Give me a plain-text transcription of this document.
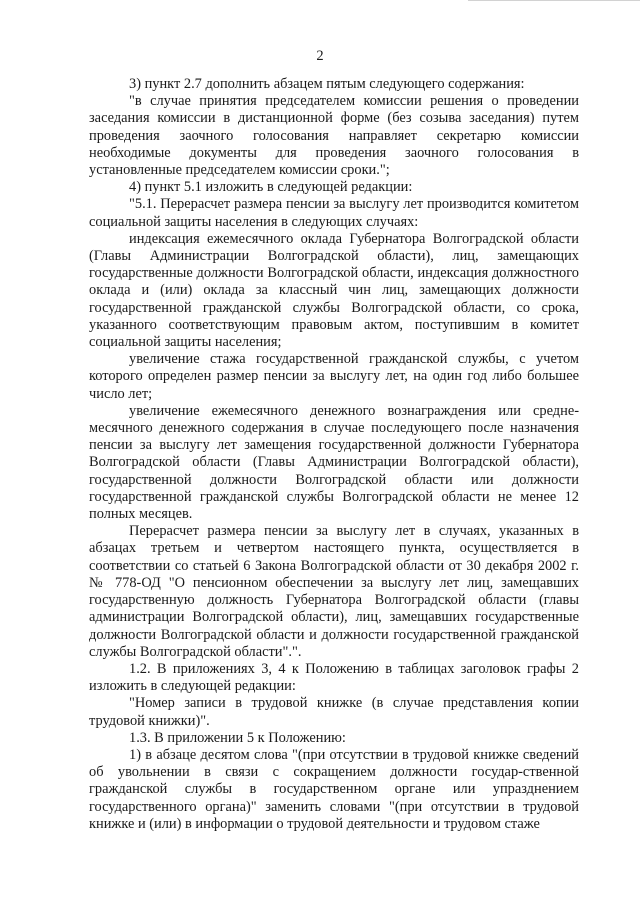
2

3) пункт 2.7 дополнить абзацем пятым следующего содержания:

"в случае принятия председателем комиссии решения о проведении заседания комиссии в дистанционной форме (без созыва заседания) путем проведения заочного голосования направляет секретарю комиссии необходимые документы для проведения заочного голосования в установленные председателем комиссии сроки.";

4) пункт 5.1 изложить в следующей редакции:

"5.1. Перерасчет размера пенсии за выслугу лет производится комитетом социальной защиты населения в следующих случаях:

индексация ежемесячного оклада Губернатора Волгоградской области (Главы Администрации Волгоградской области), лиц, замещающих государственные должности Волгоградской области, индексация должностного оклада и (или) оклада за классный чин лиц, замещающих должности государственной гражданской службы Волгоградской области, со срока, указанного соответствующим правовым актом, поступившим в комитет социальной защиты населения;

увеличение стажа государственной гражданской службы, с учетом которого определен размер пенсии за выслугу лет, на один год либо большее число лет;

увеличение ежемесячного денежного вознаграждения или средне-месячного денежного содержания в случае последующего после назначения пенсии за выслугу лет замещения государственной должности Губернатора Волгоградской области (Главы Администрации Волгоградской области), государственной должности Волгоградской области или должности государственной гражданской службы Волгоградской области не менее 12 полных месяцев.

Перерасчет размера пенсии за выслугу лет в случаях, указанных в абзацах третьем и четвертом настоящего пункта, осуществляется в соответствии со статьей 6 Закона Волгоградской области от 30 декабря 2002 г. № 778-ОД "О пенсионном обеспечении за выслугу лет лиц, замещавших государственную должность Губернатора Волгоградской области (главы администрации Волгоградской области), лиц, замещавших государственные должности Волгоградской области и должности государственной гражданской службы Волгоградской области".".

1.2. В приложениях 3, 4 к Положению в таблицах заголовок графы 2 изложить в следующей редакции:

"Номер записи в трудовой книжке (в случае представления копии трудовой книжки)".

1.3. В приложении 5 к Положению:

1) в абзаце десятом слова "(при отсутствии в трудовой книжке сведений об увольнении в связи с сокращением должности государ-ственной гражданской службы в государственном органе или упразднением государственного органа)" заменить словами "(при отсутствии в трудовой книжке и (или) в информации о трудовой деятельности и трудовом стаже
